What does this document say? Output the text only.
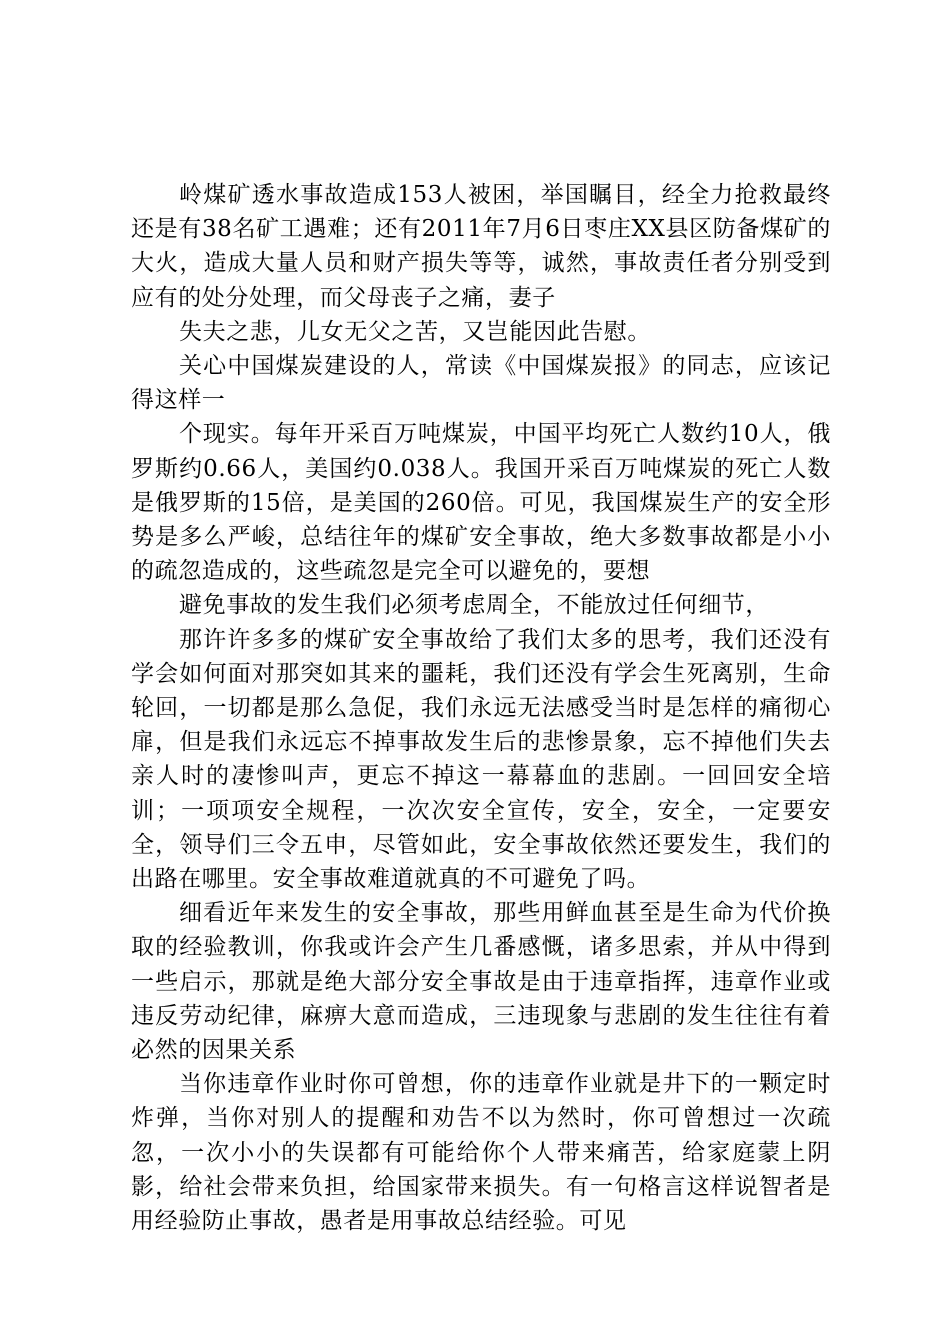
岭煤矿透水事故造成153人被困，举国瞩目，经全力抢救最终还是有38名矿工遇难；还有2011年7月6日枣庄XX县区防备煤矿的大火，造成大量人员和财产损失等等，诚然，事故责任者分别受到应有的处分处理，而父母丧子之痛，妻子

失夫之悲，儿女无父之苦，又岂能因此告慰。

关心中国煤炭建设的人，常读《中国煤炭报》的同志，应该记得这样一

个现实。每年开采百万吨煤炭，中国平均死亡人数约10人，俄罗斯约0.66人，美国约0.038人。我国开采百万吨煤炭的死亡人数是俄罗斯的15倍，是美国的260倍。可见，我国煤炭生产的安全形势是多么严峻，总结往年的煤矿安全事故，绝大多数事故都是小小的疏忽造成的，这些疏忽是完全可以避免的，要想

避免事故的发生我们必须考虑周全，不能放过任何细节，

那许许多多的煤矿安全事故给了我们太多的思考，我们还没有学会如何面对那突如其来的噩耗，我们还没有学会生死离别，生命轮回，一切都是那么急促，我们永远无法感受当时是怎样的痛彻心扉，但是我们永远忘不掉事故发生后的悲惨景象，忘不掉他们失去亲人时的凄惨叫声，更忘不掉这一幕幕血的悲剧。一回回安全培训；一项项安全规程，一次次安全宣传，安全，安全，一定要安全，领导们三令五申，尽管如此，安全事故依然还要发生，我们的出路在哪里。安全事故难道就真的不可避免了吗。

细看近年来发生的安全事故，那些用鲜血甚至是生命为代价换取的经验教训，你我或许会产生几番感慨，诸多思索，并从中得到一些启示，那就是绝大部分安全事故是由于违章指挥，违章作业或违反劳动纪律，麻痹大意而造成，三违现象与悲剧的发生往往有着必然的因果关系

当你违章作业时你可曾想，你的违章作业就是井下的一颗定时炸弹，当你对别人的提醒和劝告不以为然时，你可曾想过一次疏忽，一次小小的失误都有可能给你个人带来痛苦，给家庭蒙上阴影，给社会带来负担，给国家带来损失。有一句格言这样说智者是用经验防止事故，愚者是用事故总结经验。可见
